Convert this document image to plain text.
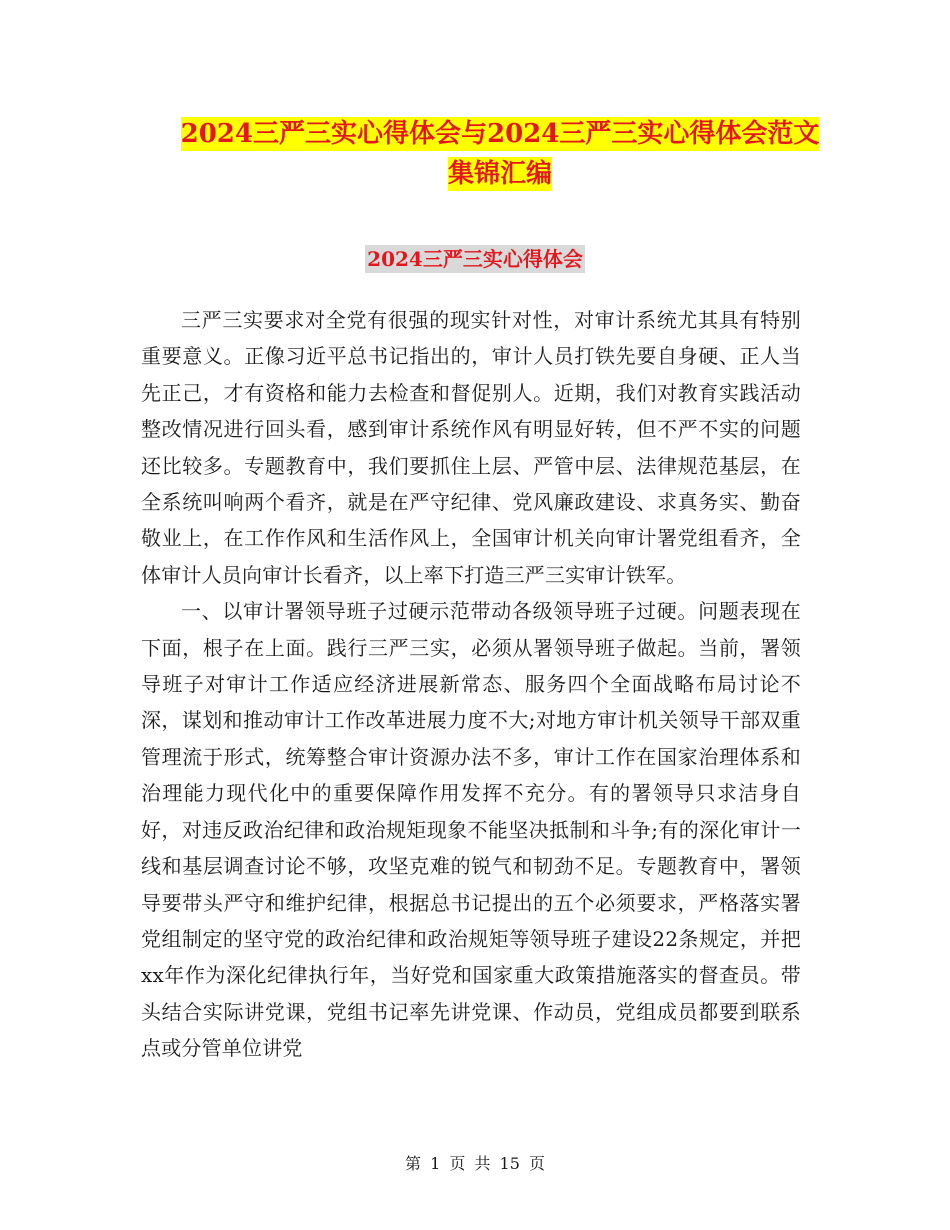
2024三严三实心得体会与2024三严三实心得体会范文
集锦汇编
2024三严三实心得体会

三严三实要求对全党有很强的现实针对性，对审计系统尤其具有特别重要意义。正像习近平总书记指出的，审计人员打铁先要自身硬、正人当先正己，才有资格和能力去检查和督促别人。近期，我们对教育实践活动整改情况进行回头看，感到审计系统作风有明显好转，但不严不实的问题还比较多。专题教育中，我们要抓住上层、严管中层、法律规范基层，在全系统叫响两个看齐，就是在严守纪律、党风廉政建设、求真务实、勤奋敬业上，在工作作风和生活作风上，全国审计机关向审计署党组看齐，全体审计人员向审计长看齐，以上率下打造三严三实审计铁军。

一、以审计署领导班子过硬示范带动各级领导班子过硬。问题表现在下面，根子在上面。践行三严三实，必须从署领导班子做起。当前，署领导班子对审计工作适应经济进展新常态、服务四个全面战略布局讨论不深，谋划和推动审计工作改革进展力度不大;对地方审计机关领导干部双重管理流于形式，统筹整合审计资源办法不多，审计工作在国家治理体系和治理能力现代化中的重要保障作用发挥不充分。有的署领导只求洁身自好，对违反政治纪律和政治规矩现象不能坚决抵制和斗争;有的深化审计一线和基层调查讨论不够，攻坚克难的锐气和韧劲不足。专题教育中，署领导要带头严守和维护纪律，根据总书记提出的五个必须要求，严格落实署党组制定的坚守党的政治纪律和政治规矩等领导班子建设22条规定，并把xx年作为深化纪律执行年，当好党和国家重大政策措施落实的督查员。带头结合实际讲党课，党组书记率先讲党课、作动员，党组成员都要到联系点或分管单位讲党

第 1 页 共 15 页
